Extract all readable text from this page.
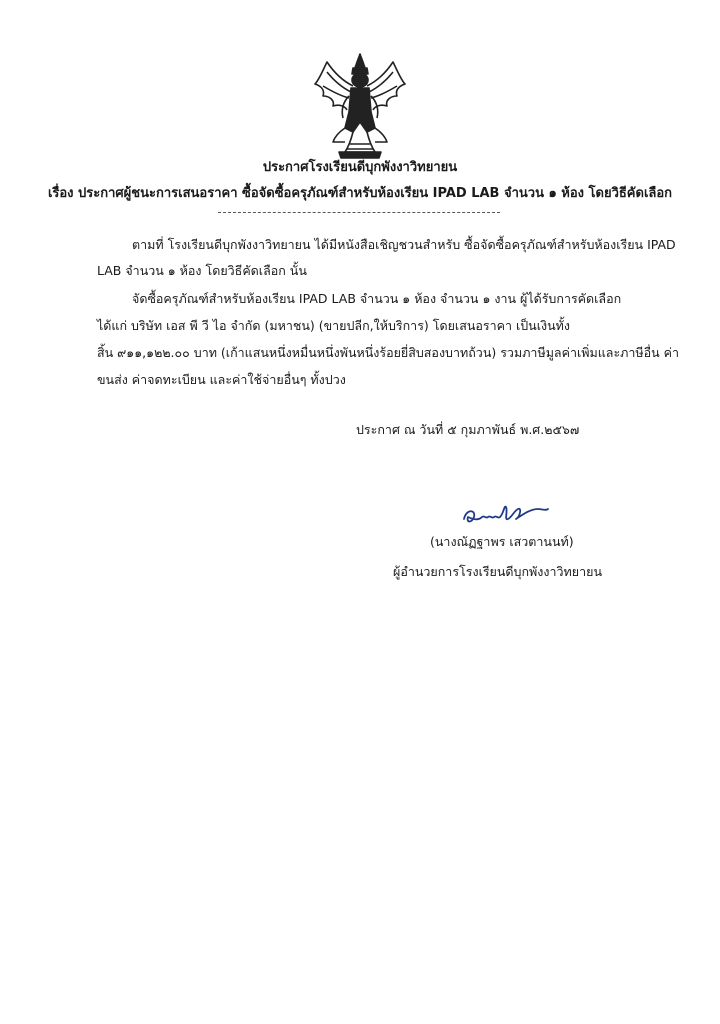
ประกาศโรงเรียนดีบุกพังงาวิทยายน
เรื่อง ประกาศผู้ชนะการเสนอราคา ซื้อจัดซื้อครุภัณฑ์สำหรับห้องเรียน IPAD LAB จำนวน ๑ ห้อง โดยวิธีคัดเลือก
ตามที่ โรงเรียนดีบุกพังงาวิทยายน ได้มีหนังสือเชิญชวนสำหรับ ซื้อจัดซื้อครุภัณฑ์สำหรับห้องเรียน IPAD
LAB จำนวน ๑ ห้อง โดยวิธีคัดเลือก นั้น
จัดซื้อครุภัณฑ์สำหรับห้องเรียน IPAD LAB จำนวน ๑ ห้อง จำนวน ๑ งาน ผู้ได้รับการคัดเลือก
ได้แก่ บริษัท เอส พี วี ไอ จำกัด (มหาชน) (ขายปลีก,ให้บริการ) โดยเสนอราคา เป็นเงินทั้ง
สิ้น ๙๑๑,๑๒๒.๐๐ บาท (เก้าแสนหนึ่งหมื่นหนึ่งพันหนึ่งร้อยยี่สิบสองบาทถ้วน) รวมภาษีมูลค่าเพิ่มและภาษีอื่น ค่า
ขนส่ง ค่าจดทะเบียน และค่าใช้จ่ายอื่นๆ ทั้งปวง
ประกาศ ณ วันที่ ๕ กุมภาพันธ์ พ.ศ.๒๕๖๗
(นางณัฏฐาพร เสวตานนท์)
ผู้อำนวยการโรงเรียนดีบุกพังงาวิทยายน
